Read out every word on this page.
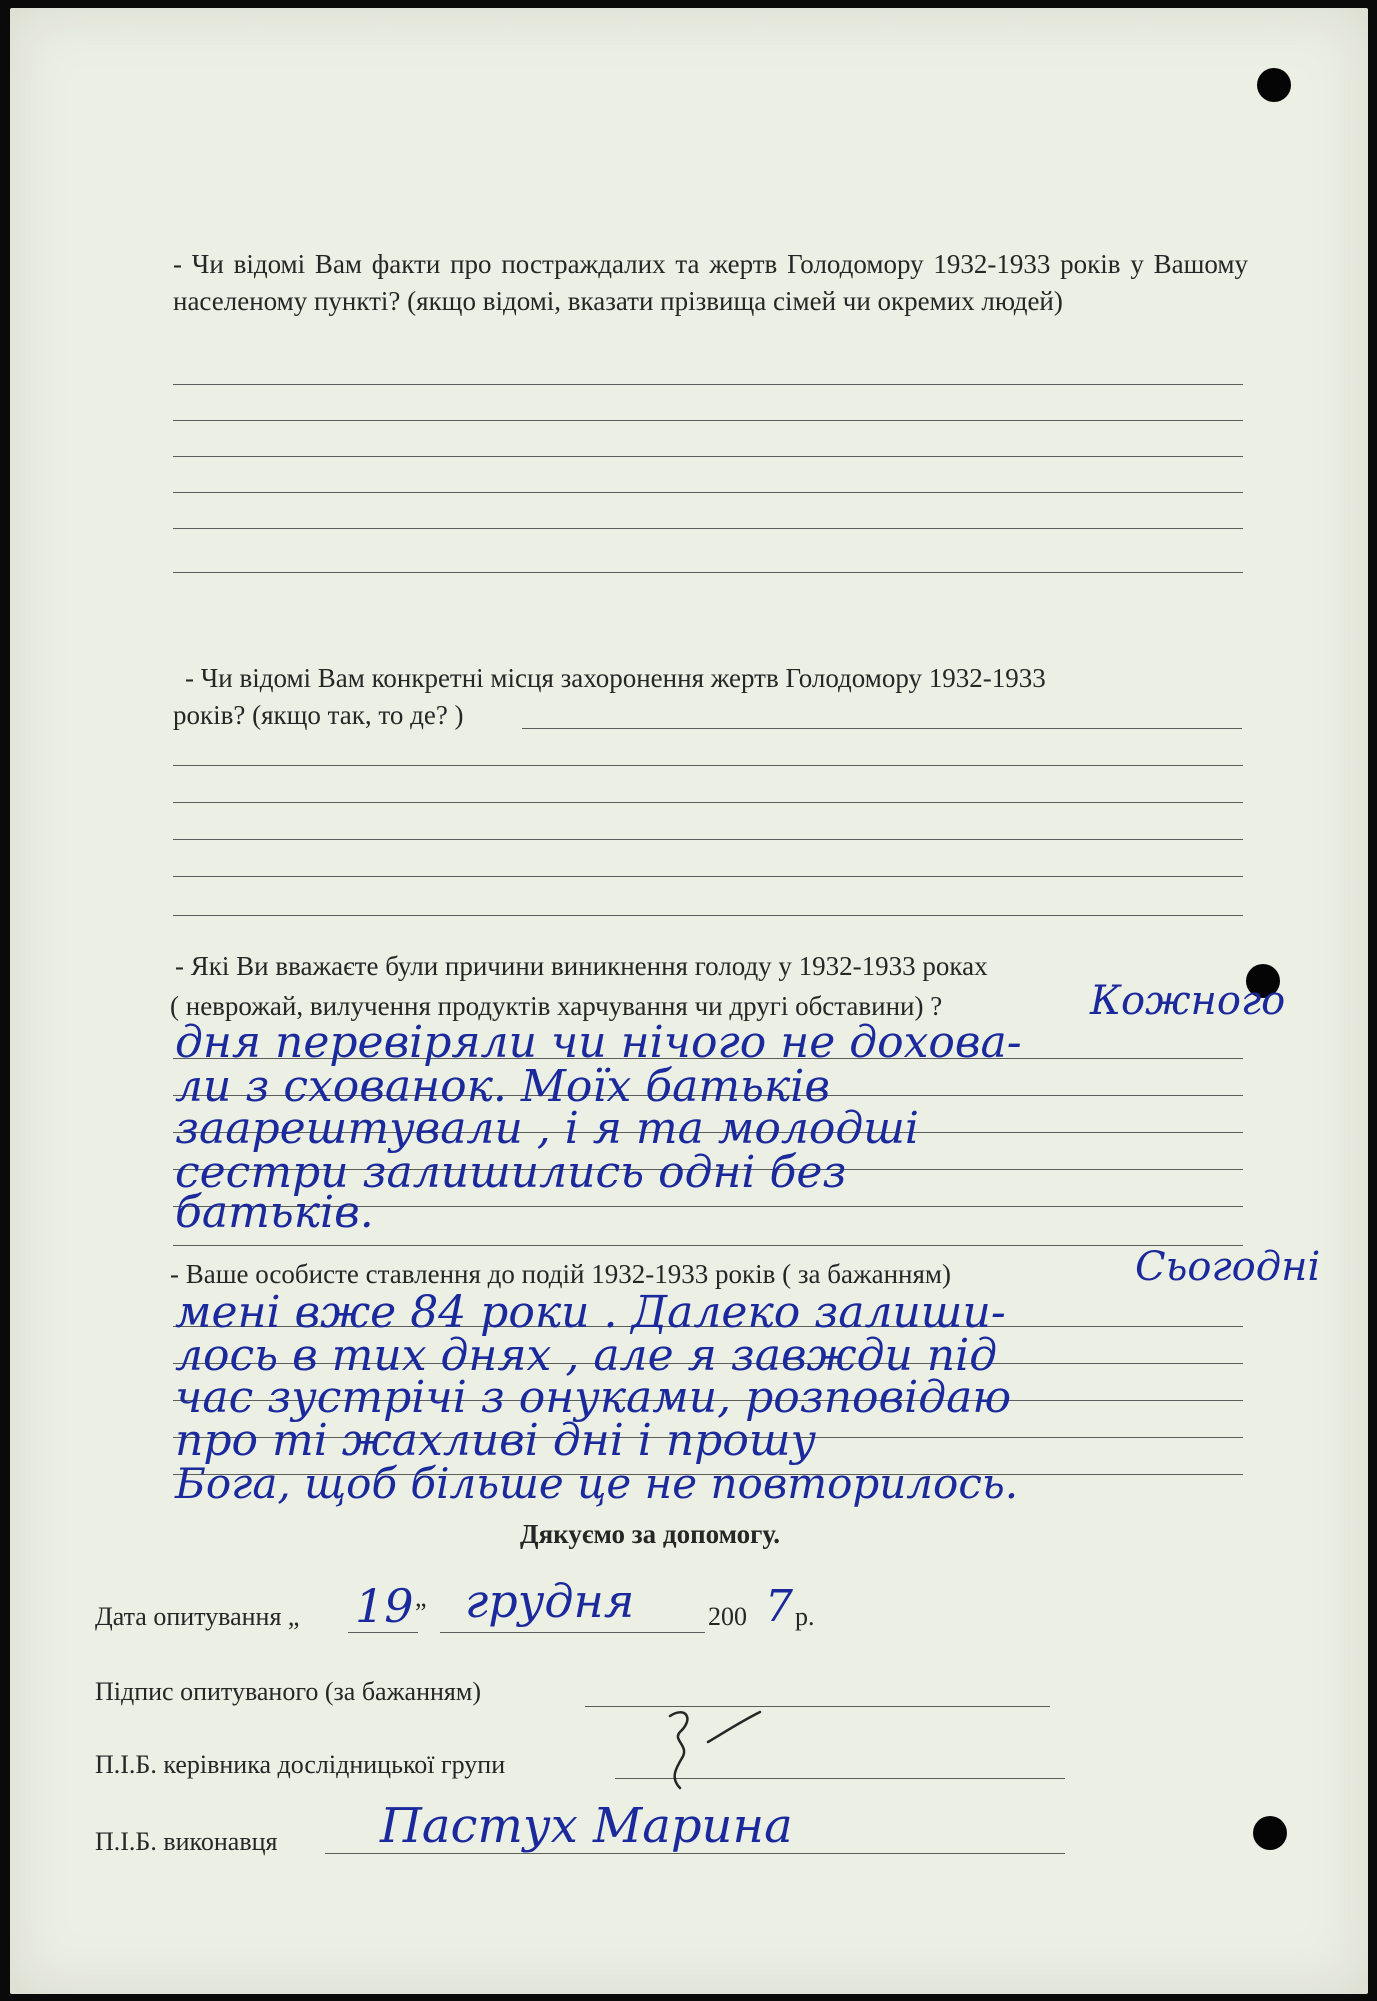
- Чи відомі Вам факти про постраждалих та жертв Голодомору 1932-1933 років у Вашому населеному пункті? (якщо відомі, вказати прізвища сімей чи окремих людей)
- Чи відомі Вам конкретні місця захоронення жертв Голодомору 1932-1933
років? (якщо так, то де? )
- Які Ви вважаєте були причини виникнення голоду у 1932-1933 роках
( неврожай, вилучення продуктів харчування чи другі обставини) ?	Кожного
дня перевіряли чи нічого не дохова-
ли з схованок. Моїх батьків
заарештували , і я та молодші
сестри залишились одні без
батьків.
- Ваше особисте ставлення до подій 1932-1933 років ( за бажанням)	Сьогодні
мені вже 84 роки . Далеко залиши-
лось в тих днях , але я завжди під
час зустрічі з онуками, розповідаю
про ті жахливі дні і прошу
Бога, щоб більше це не повторилось.
Дякуємо за допомогу.
Дата опитування „ 19 ” грудня	200 7 р.
Підпис опитуваного (за бажанням)
П.І.Б. керівника дослідницької групи
П.І.Б. виконавця Пастух Марина
